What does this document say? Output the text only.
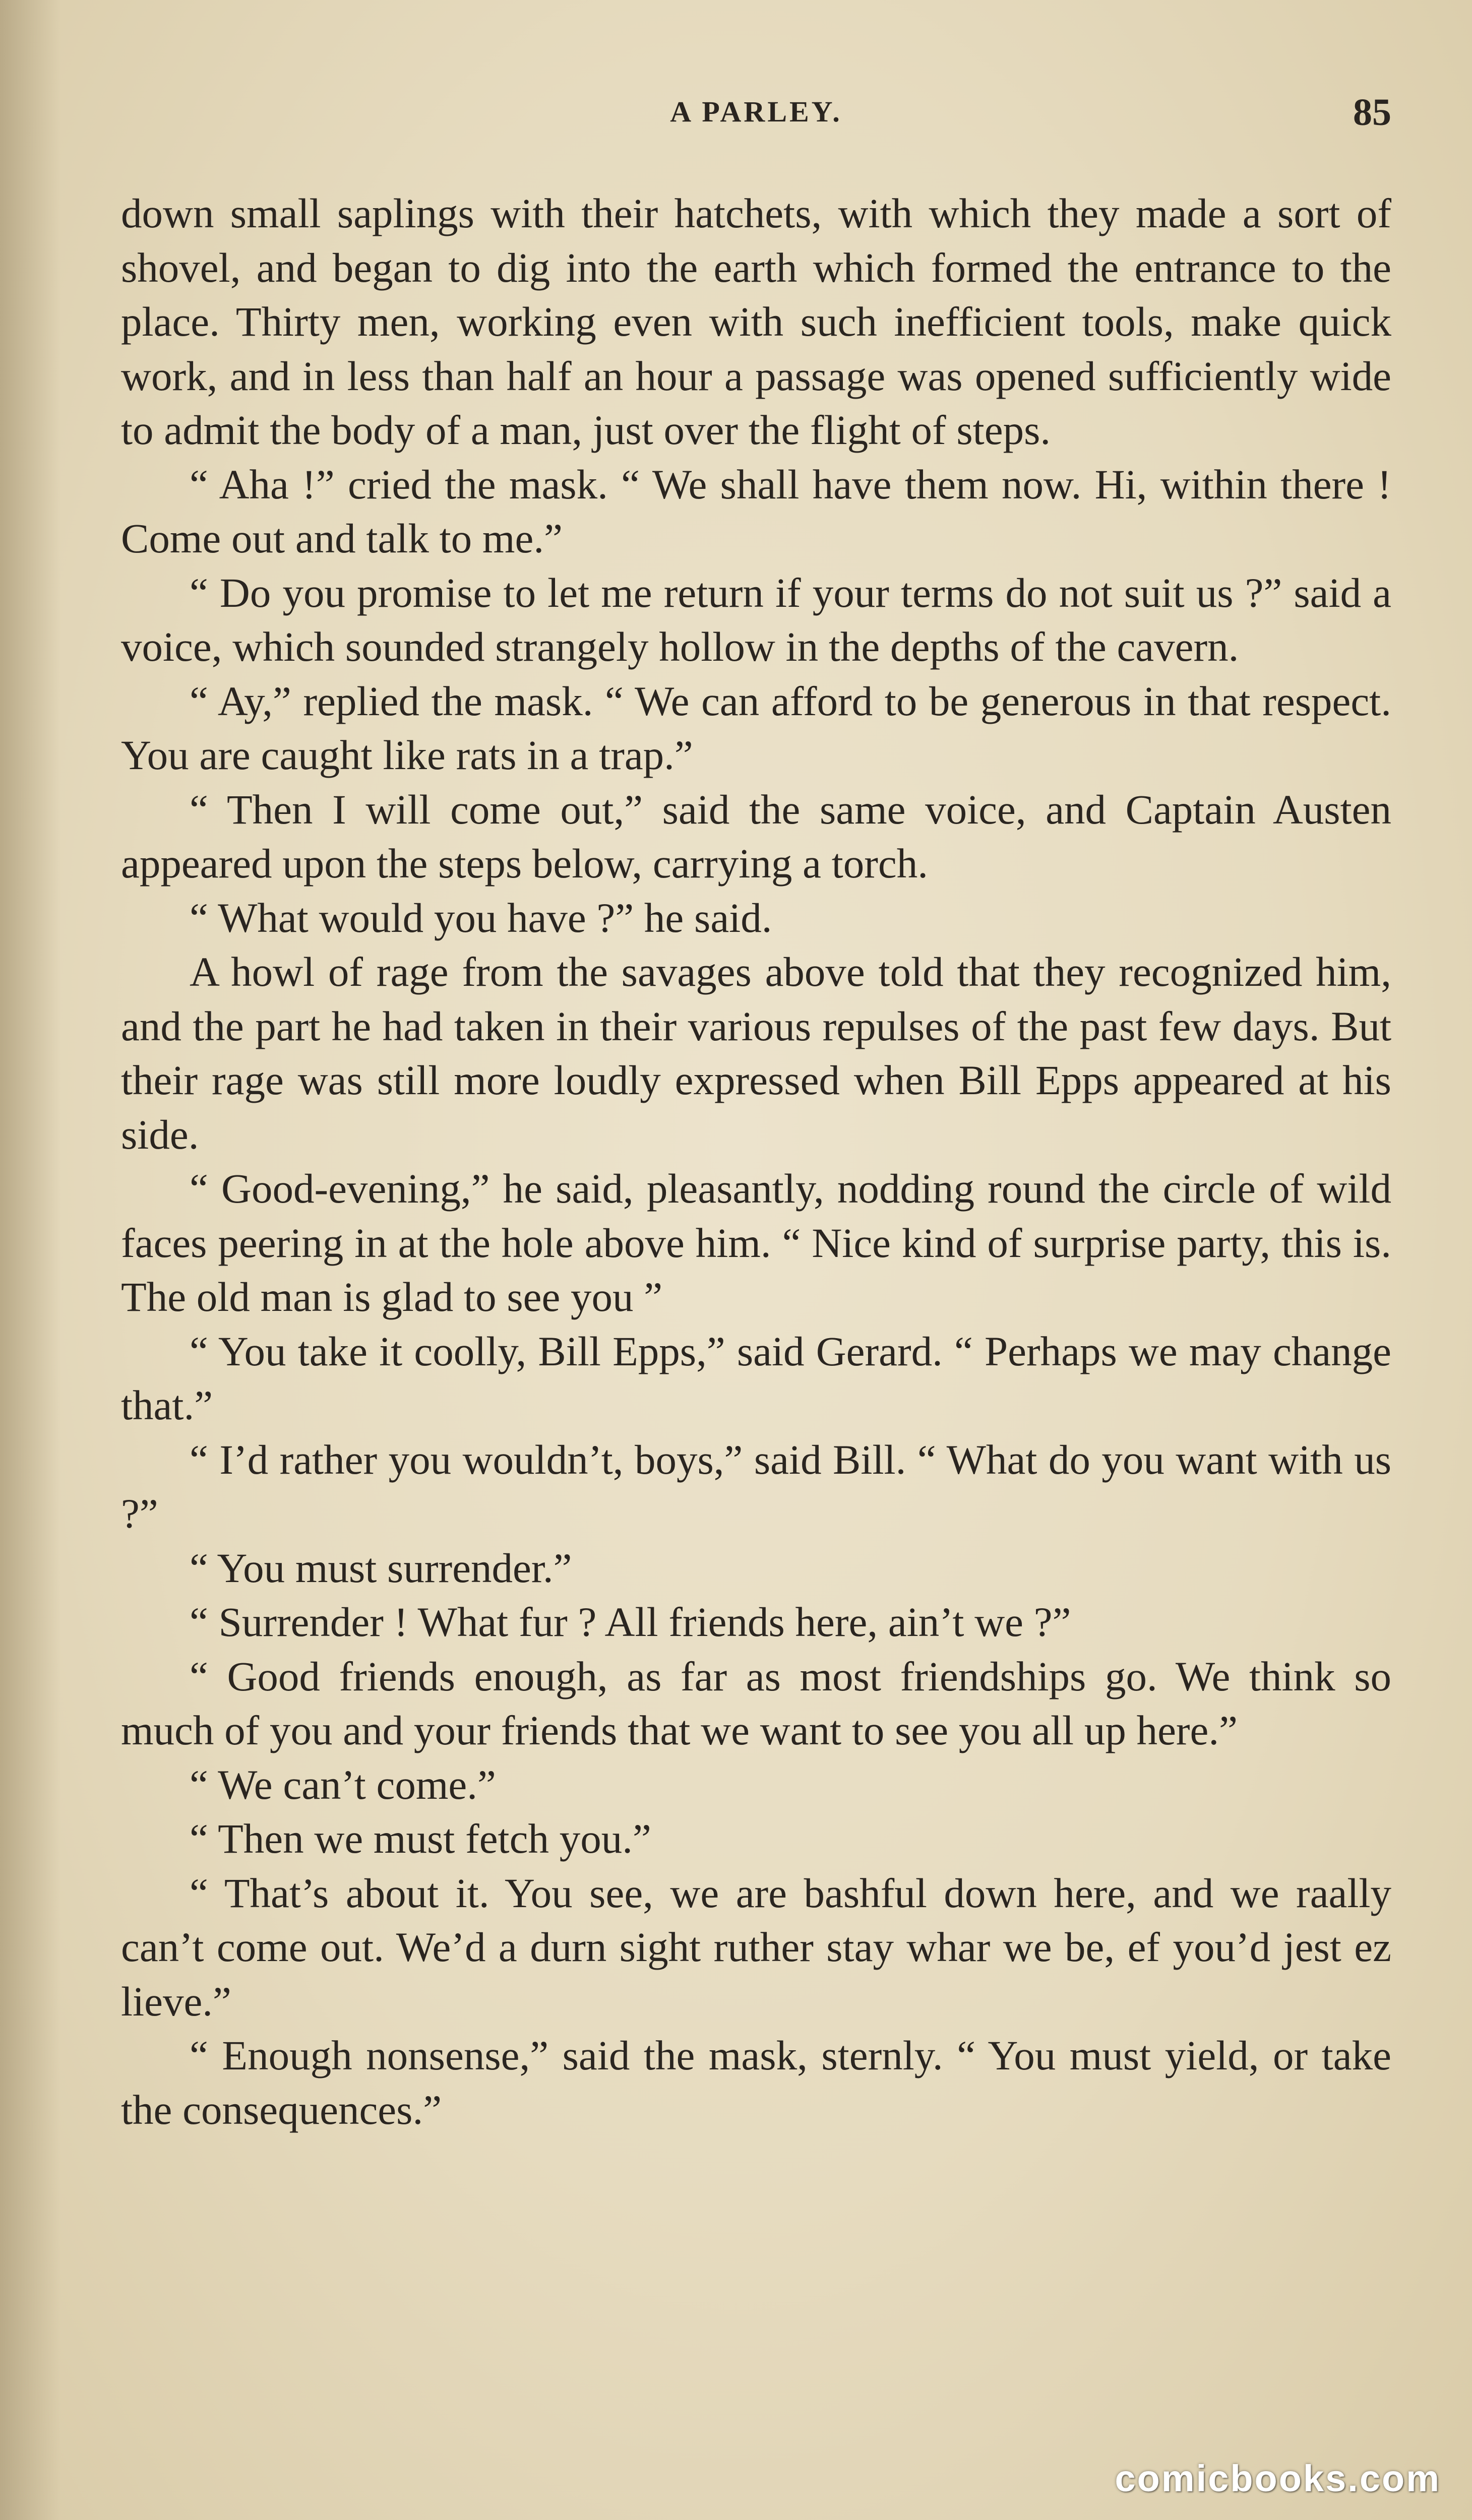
A PARLEY.	85

down small saplings with their hatchets, with which they made a sort of shovel, and began to dig into the earth which formed the entrance to the place. Thirty men, working even with such inefficient tools, make quick work, and in less than half an hour a passage was opened sufficiently wide to admit the body of a man, just over the flight of steps.

“ Aha !” cried the mask. “ We shall have them now. Hi, within there ! Come out and talk to me.”

“ Do you promise to let me return if your terms do not suit us ?” said a voice, which sounded strangely hollow in the depths of the cavern.

“ Ay,” replied the mask. “ We can afford to be generous in that respect. You are caught like rats in a trap.”

“ Then I will come out,” said the same voice, and Captain Austen appeared upon the steps below, carrying a torch.

“ What would you have ?” he said.

A howl of rage from the savages above told that they recognized him, and the part he had taken in their various repulses of the past few days. But their rage was still more loudly expressed when Bill Epps appeared at his side.

“ Good-evening,” he said, pleasantly, nodding round the circle of wild faces peering in at the hole above him. “ Nice kind of surprise party, this is. The old man is glad to see you ”

“ You take it coolly, Bill Epps,” said Gerard. “ Perhaps we may change that.”

“ I’d rather you wouldn’t, boys,” said Bill. “ What do you want with us ?”

“ You must surrender.”

“ Surrender ! What fur ? All friends here, ain’t we ?”

“ Good friends enough, as far as most friendships go. We think so much of you and your friends that we want to see you all up here.”

“ We can’t come.”

“ Then we must fetch you.”

“ That’s about it. You see, we are bashful down here, and we raally can’t come out. We’d a durn sight ruther stay whar we be, ef you’d jest ez lieve.”

“ Enough nonsense,” said the mask, sternly. “ You must yield, or take the consequences.”

comicbooks.com
